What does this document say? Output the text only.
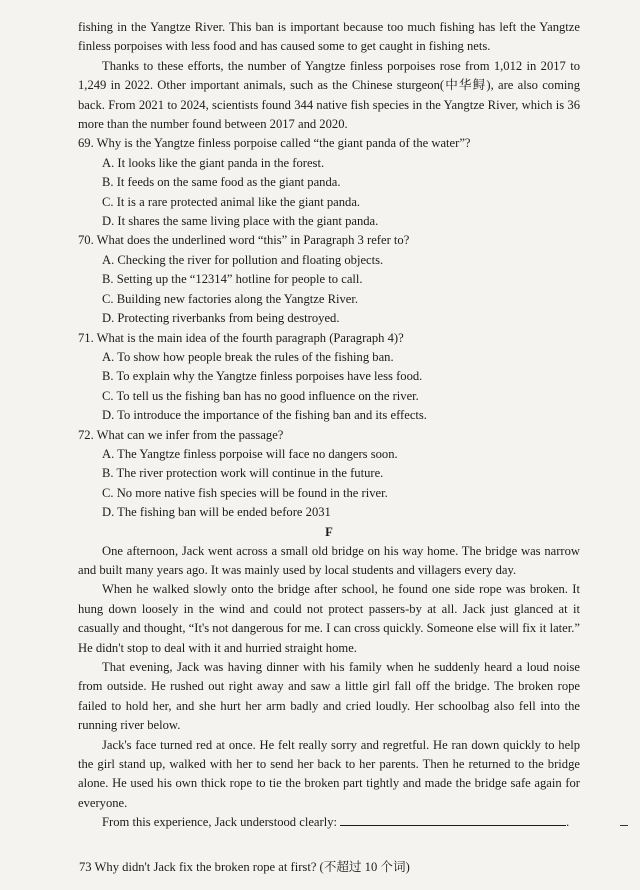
fishing in the Yangtze River. This ban is important because too much fishing has left the Yangtze finless porpoises with less food and has caused some to get caught in fishing nets.

Thanks to these efforts, the number of Yangtze finless porpoises rose from 1,012 in 2017 to 1,249 in 2022. Other important animals, such as the Chinese sturgeon(中华鲟), are also coming back. From 2021 to 2024, scientists found 344 native fish species in the Yangtze River, which is 36 more than the number found between 2017 and 2020.

69. Why is the Yangtze finless porpoise called “the giant panda of the water”?

A. It looks like the giant panda in the forest.

B. It feeds on the same food as the giant panda.

C. It is a rare protected animal like the giant panda.

D. It shares the same living place with the giant panda.

70. What does the underlined word “this” in Paragraph 3 refer to?

A. Checking the river for pollution and floating objects.

B. Setting up the “12314” hotline for people to call.

C. Building new factories along the Yangtze River.

D. Protecting riverbanks from being destroyed.

71. What is the main idea of the fourth paragraph (Paragraph 4)?

A. To show how people break the rules of the fishing ban.

B. To explain why the Yangtze finless porpoises have less food.

C. To tell us the fishing ban has no good influence on the river.

D. To introduce the importance of the fishing ban and its effects.

72. What can we infer from the passage?

A. The Yangtze finless porpoise will face no dangers soon.

B. The river protection work will continue in the future.

C. No more native fish species will be found in the river.

D. The fishing ban will be ended before 2031

F

One afternoon, Jack went across a small old bridge on his way home. The bridge was narrow and built many years ago. It was mainly used by local students and villagers every day.

When he walked slowly onto the bridge after school, he found one side rope was broken. It hung down loosely in the wind and could not protect passers-by at all. Jack just glanced at it casually and thought, “It's not dangerous for me. I can cross quickly. Someone else will fix it later.” He didn't stop to deal with it and hurried straight home.

That evening, Jack was having dinner with his family when he suddenly heard a loud noise from outside. He rushed out right away and saw a little girl fall off the bridge. The broken rope failed to hold her, and she hurt her arm badly and cried loudly. Her schoolbag also fell into the running river below.

Jack's face turned red at once. He felt really sorry and regretful. He ran down quickly to help the girl stand up, walked with her to send her back to her parents. Then he returned to the bridge alone. He used his own thick rope to tie the broken part tightly and made the bridge safe again for everyone.

From this experience, Jack understood clearly:	.

73 Why didn't Jack fix the broken rope at first? (不超过 10 个词)
